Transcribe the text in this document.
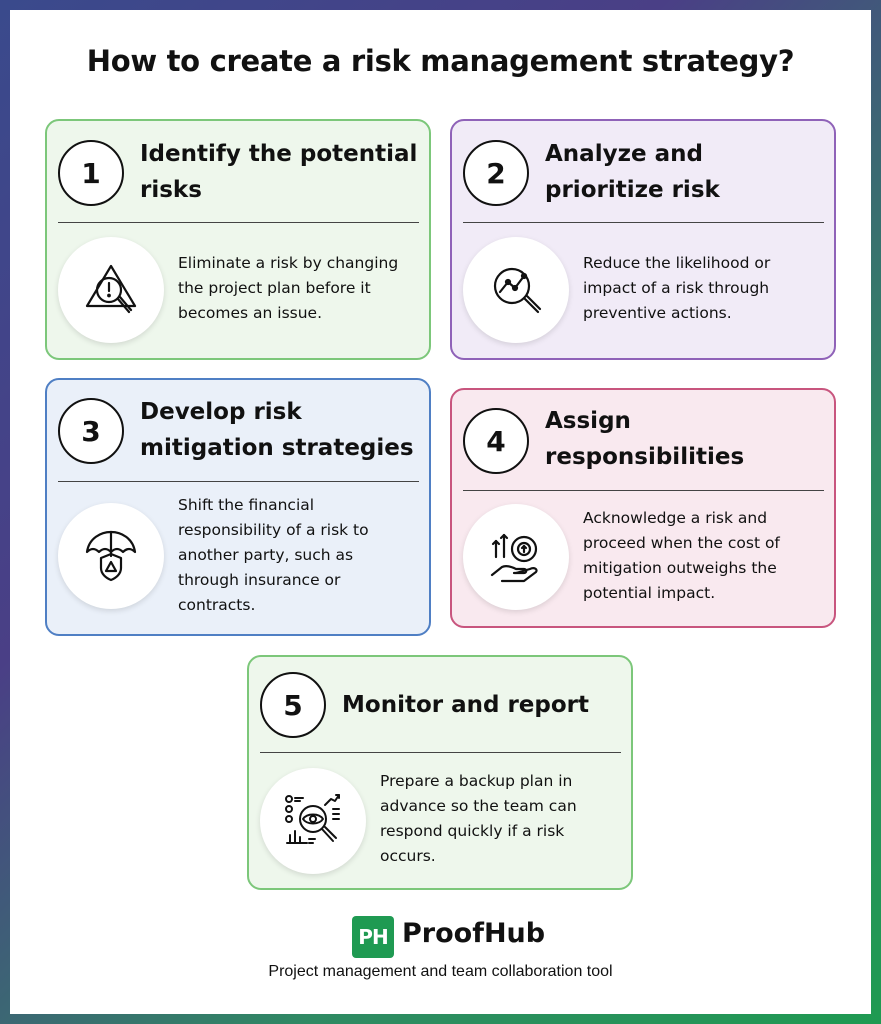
How to create a risk management strategy?
1
Identify the potential
risks
Eliminate a risk by changing
the project plan before it
becomes an issue.
2
Analyze and
prioritize risk
Reduce the likelihood or
impact of a risk through
preventive actions.
3
Develop risk
mitigation strategies
Shift the financial
responsibility of a risk to
another party, such as
through insurance or
contracts.
4
Assign
responsibilities
Acknowledge a risk and
proceed when the cost of
mitigation outweighs the
potential impact.
5	Monitor and report
Prepare a backup plan in
advance so the team can
respond quickly if a risk
occurs.
PH ProofHub
Project management and team collaboration tool
